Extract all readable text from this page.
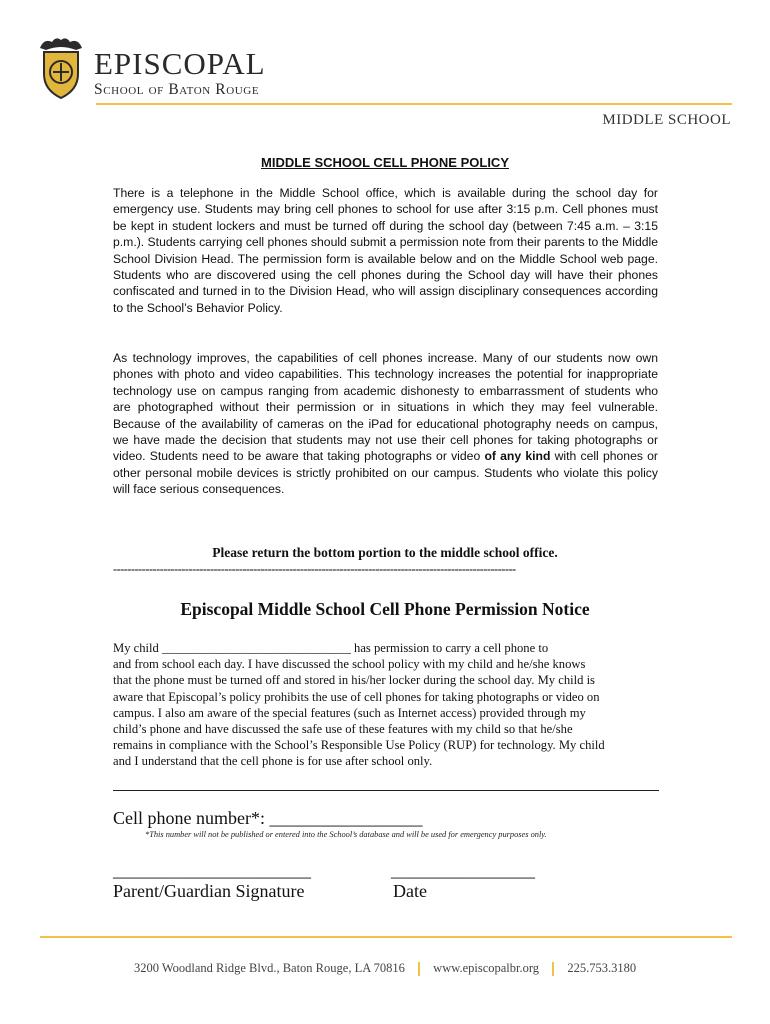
EPISCOPAL
School of Baton Rouge
MIDDLE SCHOOL
MIDDLE SCHOOL CELL PHONE POLICY
There is a telephone in the Middle School office, which is available during the school day for emergency use. Students may bring cell phones to school for use after 3:15 p.m. Cell phones must be kept in student lockers and must be turned off during the school day (between 7:45 a.m. – 3:15 p.m.). Students carrying cell phones should submit a permission note from their parents to the Middle School Division Head. The permission form is available below and on the Middle School web page. Students who are discovered using the cell phones during the School day will have their phones confiscated and turned in to the Division Head, who will assign disciplinary consequences according to the School’s Behavior Policy.
As technology improves, the capabilities of cell phones increase. Many of our students now own phones with photo and video capabilities. This technology increases the potential for inappropriate technology use on campus ranging from academic dishonesty to embarrassment of students who are photographed without their permission or in situations in which they may feel vulnerable. Because of the availability of cameras on the iPad for educational photography needs on campus, we have made the decision that students may not use their cell phones for taking photographs or video. Students need to be aware that taking photographs or video of any kind with cell phones or other personal mobile devices is strictly prohibited on our campus. Students who violate this policy will face serious consequences.
Please return the bottom portion to the middle school office.
----------------------------------------------------------------------------------------------------------------
Episcopal Middle School Cell Phone Permission Notice

My child ______________________________ has permission to carry a cell phone to

and from school each day. I have discussed the school policy with my child and he/she knows

that the phone must be turned off and stored in his/her locker during the school day. My child is

aware that Episcopal’s policy prohibits the use of cell phones for taking photographs or video on

campus. I also am aware of the special features (such as Internet access) provided through my

child’s phone and have discussed the safe use of these features with my child so that he/she

remains in compliance with the School’s Responsible Use Policy (RUP) for technology. My child

and I understand that the cell phone is for use after school only.

Cell phone number*: _________________
*This number will not be published or entered into the School’s database and will be used for emergency purposes only.
______________________	________________
Parent/Guardian Signature	Date
3200 Woodland Ridge Blvd., Baton Rouge, LA 70816 www.episcopalbr.org 225.753.3180
